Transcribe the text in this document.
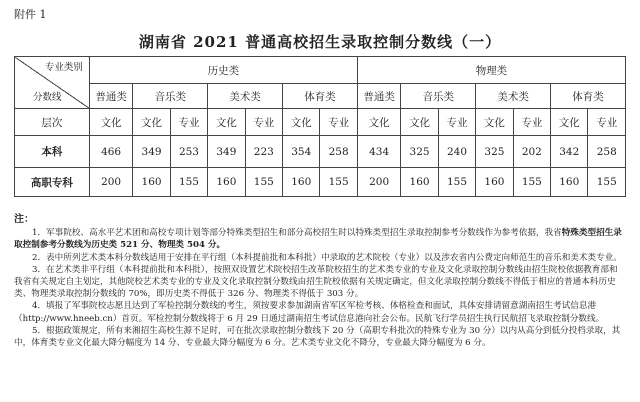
附件 1
湖南省 2021 普通高校招生录取控制分数线（一）
专业类别
分数线	历史类							物理类						
	普通类	音乐类		美术类		体育类		普通类	音乐类		美术类		体育类	
层次	文化	文化	专业	文化	专业	文化	专业	文化	文化	专业	文化	专业	文化	专业
本科	466	349	253	349	223	354	258	434	325	240	325	202	342	258
高职专科	200	160	155	160	155	160	155	200	160	155	160	155	160	155
注：

1．军事院校、高水平艺术团和高校专项计划等部分特殊类型招生和部分高校招生时以特殊类型招生录取控制参考分数线作为参考依据，我省特殊类型招生录取控制参考分数线为历史类 521 分、物理类 504 分。

2．表中所列艺术类本科分数线适用于安排在平行组（本科提前批和本科批）中录取的艺术院校（专业）以及涉农省内公费定向师范生的音乐和美术类专业。

3．在艺术类非平行组（本科提前批和本科批），按照双设置艺术院校招生改革院校招生的艺术类专业的专业及文化录取控制分数线由招生院校依据教育部和我省有关规定自主划定，其他院校艺术类专业的专业及文化录取控制分数线由招生院校依据有关规定确定，但文化录取控制分数线不得低于相应的普通本科历史类、物理类录取控制分数线的 70%，即历史类不得低于 326 分、物理类不得低于 303 分。

4．填报了军事院校志愿且达到了军检控制分数线的考生，须按要求参加湖南省军区军检考核、体格检查和面试，具体安排请留意湖南招生考试信息港（http://www.hneeb.cn）首页。军检控制分数线将于 6 月 29 日通过湖南招生考试信息港向社会公布。民航飞行学员招生执行民航招飞录取控制分数线。

5．根据政策规定，所有来湘招生高校生源不足时，可在批次录取控制分数线下 20 分（高职专科批次的特殊专业为 30 分）以内从高分到低分投档录取，其中，体育类专业文化最大降分幅度为 14 分、专业最大降分幅度为 6 分。艺术类专业文化不降分，专业最大降分幅度为 6 分。
